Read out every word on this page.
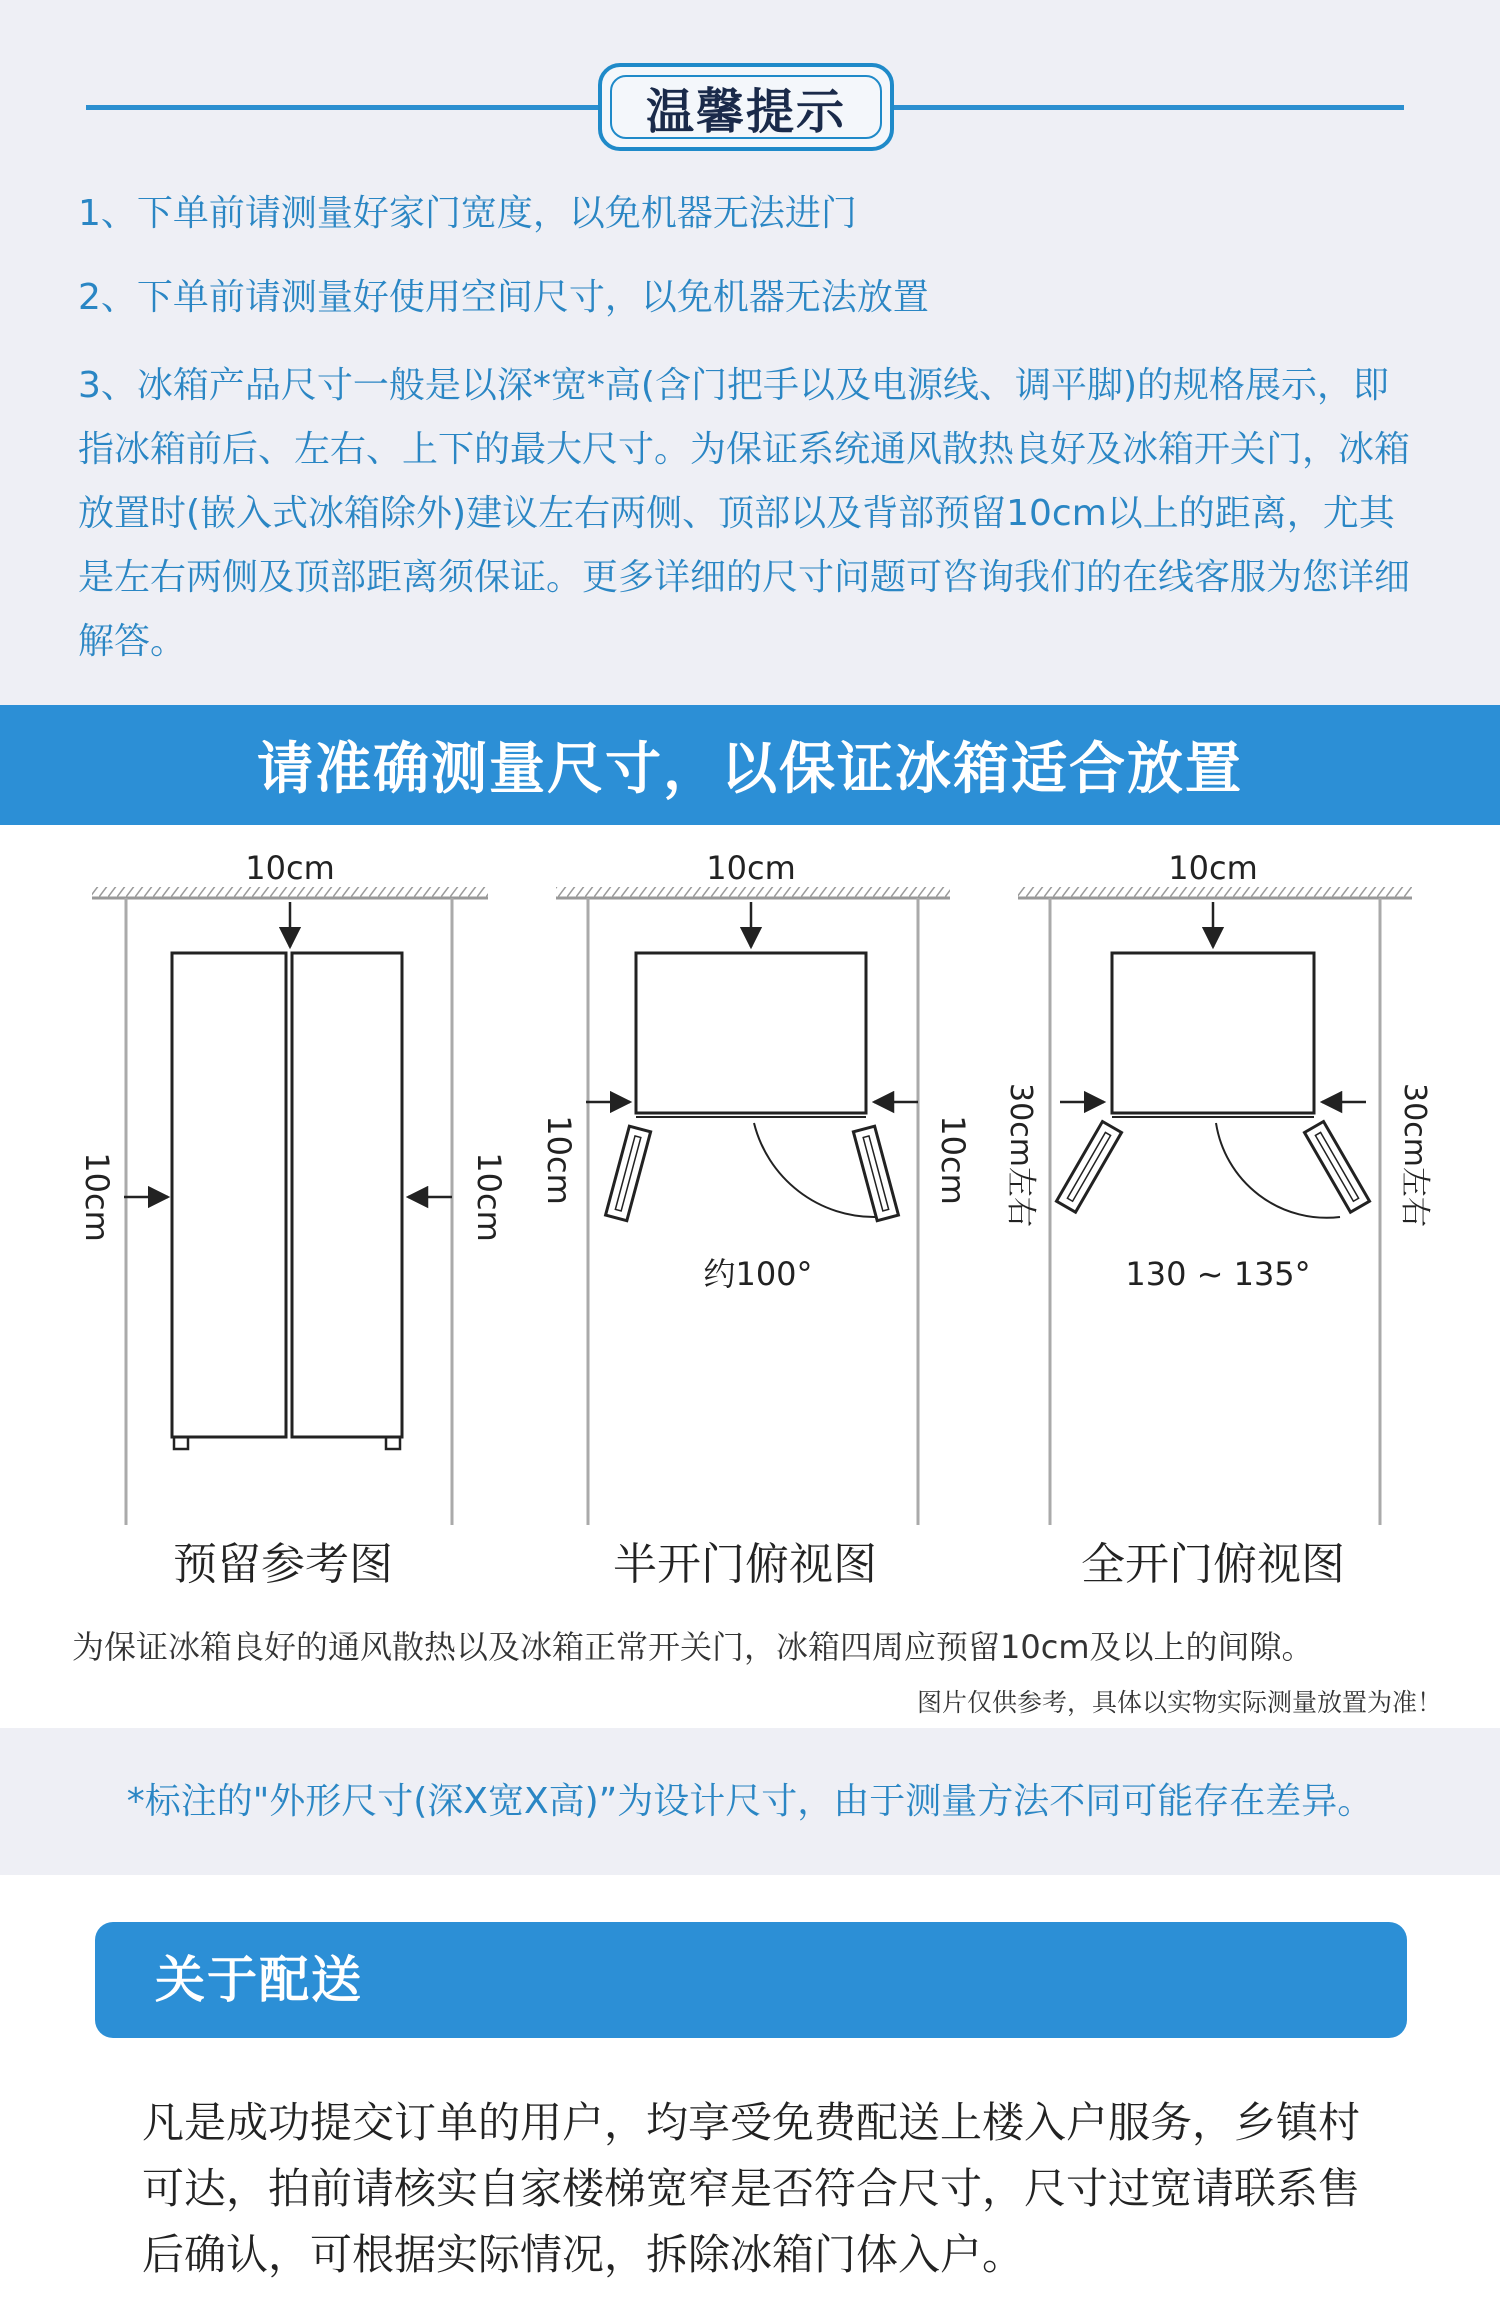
温馨提示
1、下单前请测量好家门宽度，以免机器无法进门
2、下单前请测量好使用空间尺寸，以免机器无法放置
3、冰箱产品尺寸一般是以深*宽*高(含门把手以及电源线、调平脚)的规格展示，即指冰箱前后、左右、上下的最大尺寸。为保证系统通风散热良好及冰箱开关门，冰箱放置时(嵌入式冰箱除外)建议左右两侧、顶部以及背部预留10cm以上的距离，尤其是左右两侧及顶部距离须保证。更多详细的尺寸问题可咨询我们的在线客服为您详细解答。
请准确测量尺寸，以保证冰箱适合放置
10cm
10cm	10cm
10cm
10cm	10cm
约100°
10cm
30cm左右	30cm左右
130 ~ 135°
预留参考图	半开门俯视图	全开门俯视图
为保证冰箱良好的通风散热以及冰箱正常开关门，冰箱四周应预留10cm及以上的间隙。
图片仅供参考，具体以实物实际测量放置为准！
*标注的"外形尺寸(深X宽X高)”为设计尺寸，由于测量方法不同可能存在差异。
关于配送
凡是成功提交订单的用户，均享受免费配送上楼入户服务，乡镇村可达，拍前请核实自家楼梯宽窄是否符合尺寸，尺寸过宽请联系售后确认，可根据实际情况，拆除冰箱门体入户。
